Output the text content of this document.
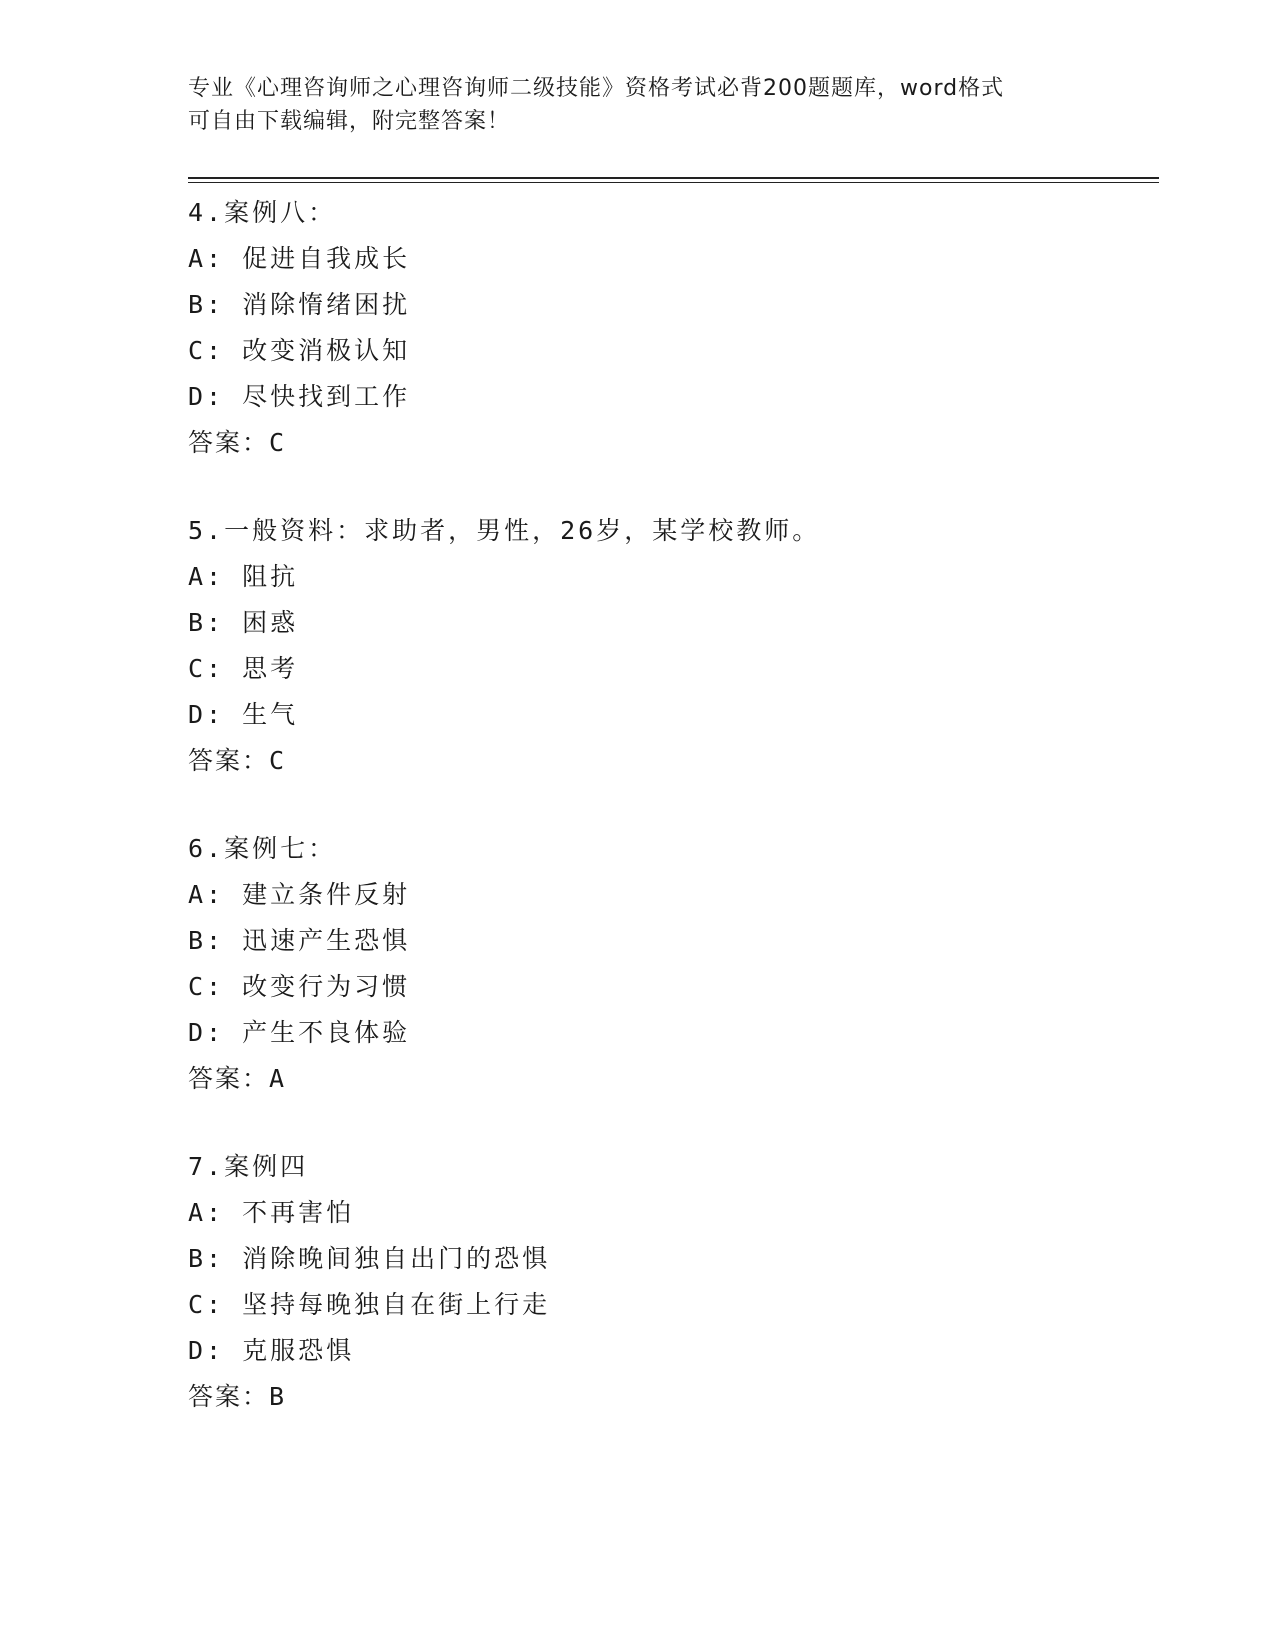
专业《心理咨询师之心理咨询师二级技能》资格考试必背200题题库，word格式
可自由下载编辑，附完整答案！
4.案例八：
A: 促进自我成长
B: 消除惰绪困扰
C: 改变消极认知
D: 尽快找到工作
答案：C
5.一般资料：求助者，男性，26岁，某学校教师。
A: 阻抗
B: 困惑
C: 思考
D: 生气
答案：C
6.案例七：
A: 建立条件反射
B: 迅速产生恐惧
C: 改变行为习惯
D: 产生不良体验
答案：A
7.案例四
A: 不再害怕
B: 消除晚间独自出门的恐惧
C: 坚持每晚独自在街上行走
D: 克服恐惧
答案：B
